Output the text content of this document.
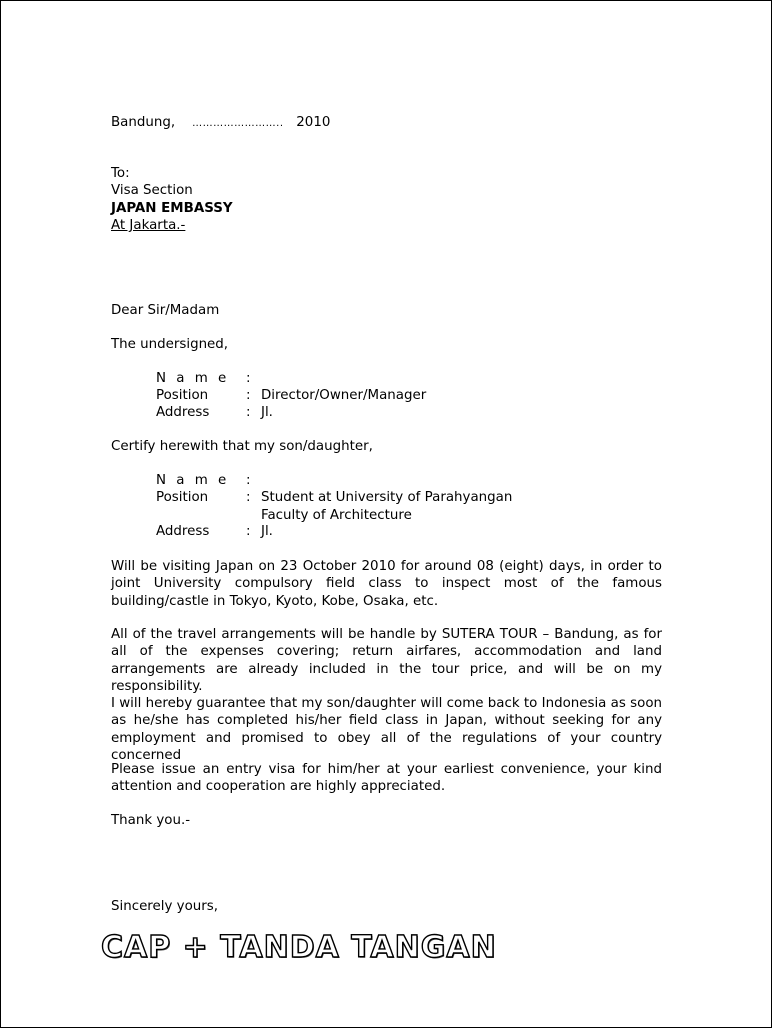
Bandung, …………………….. 2010
To:
Visa Section
JAPAN EMBASSY
At Jakarta.-
Dear Sir/Madam
The undersigned,
N a m e :
Position	: Director/Owner/Manager
Address	: Jl.
Certify herewith that my son/daughter,
N a m e :
Position	: Student at University of Parahyangan
Faculty of Architecture
Address	: Jl.
Will be visiting Japan on 23 October 2010 for around 08 (eight) days, in order to joint University compulsory field class to inspect most of the famous building/castle in Tokyo, Kyoto, Kobe, Osaka, etc.
All of the travel arrangements will be handle by SUTERA TOUR – Bandung, as for all of the expenses covering; return airfares, accommodation and land arrangements are already included in the tour price, and will be on my responsibility.
I will hereby guarantee that my son/daughter will come back to Indonesia as soon as he/she has completed his/her field class in Japan, without seeking for any employment and promised to obey all of the regulations of your country concerned
Please issue an entry visa for him/her at your earliest convenience, your kind attention and cooperation are highly appreciated.
Thank you.-
Sincerely yours,
CAP + TANDA TANGAN
